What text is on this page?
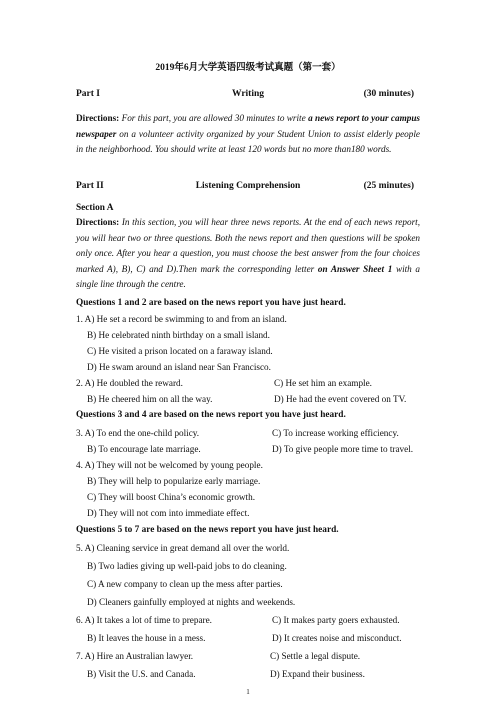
2019年6月大学英语四级考试真题（第一套）
Part I	Writing	(30 minutes)
Directions: For this part, you are allowed 30 minutes to write a news report to your campus newspaper on a volunteer activity organized by your Student Union to assist elderly people in the neighborhood. You should write at least 120 words but no more than180 words.
Part II	Listening Comprehension	(25 minutes)
Section A
Directions: In this section, you will hear three news reports. At the end of each news report, you will hear two or three questions. Both the news report and then questions will be spoken only once. After you hear a question, you must choose the best answer from the four choices marked A), B), C) and D).Then mark the corresponding letter on Answer Sheet 1 with a single line through the centre.
Questions 1 and 2 are based on the news report you have just heard.
1. A) He set a record be swimming to and from an island.
B) He celebrated ninth birthday on a small island.
C) He visited a prison located on a faraway island.
D) He swam around an island near San Francisco.
2. A) He doubled the reward.	C) He set him an example.
B) He cheered him on all the way.	D) He had the event covered on TV.
Questions 3 and 4 are based on the news report you have just heard.
3. A) To end the one-child policy.	C) To increase working efficiency.
B) To encourage late marriage.	D) To give people more time to travel.
4. A) They will not be welcomed by young people.
B) They will help to popularize early marriage.
C) They will boost China’s economic growth.
D) They will not com into immediate effect.
Questions 5 to 7 are based on the news report you have just heard.
5. A) Cleaning service in great demand all over the world.
B) Two ladies giving up well-paid jobs to do cleaning.
C) A new company to clean up the mess after parties.
D) Cleaners gainfully employed at nights and weekends.
6. A) It takes a lot of time to prepare.	C) It makes party goers exhausted.
B) It leaves the house in a mess.	D) It creates noise and misconduct.
7. A) Hire an Australian lawyer.	C) Settle a legal dispute.
B) Visit the U.S. and Canada.	D) Expand their business.
1
